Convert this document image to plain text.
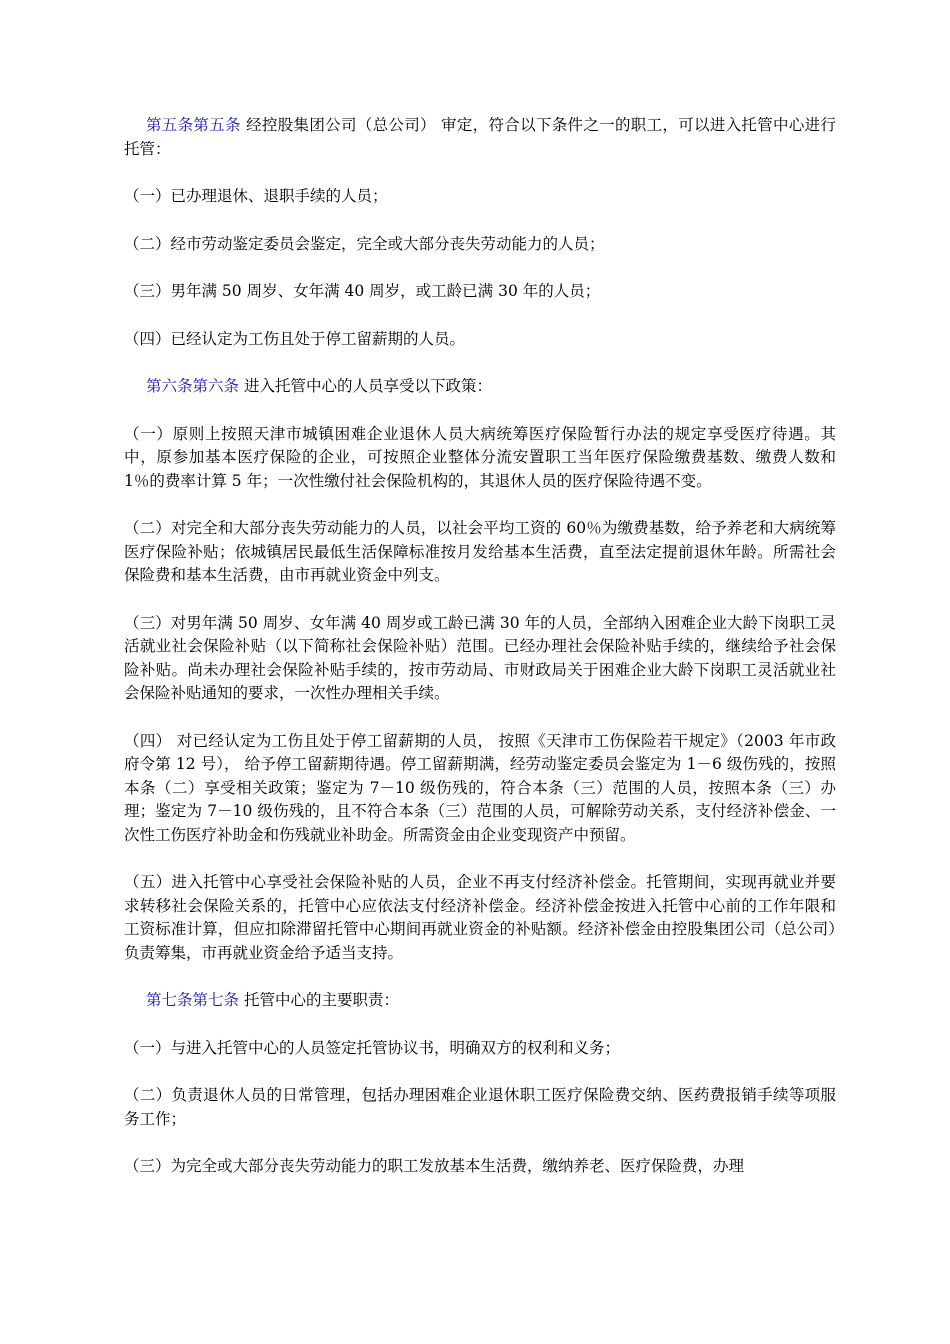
第五条第五条 经控股集团公司（总公司） 审定，符合以下条件之一的职工，可以进入托管中心进行托管：

（一）已办理退休、退职手续的人员；

（二）经市劳动鉴定委员会鉴定，完全或大部分丧失劳动能力的人员；

（三）男年满 50 周岁、女年满 40 周岁，或工龄已满 30 年的人员；

（四）已经认定为工伤且处于停工留薪期的人员。

第六条第六条 进入托管中心的人员享受以下政策：

（一）原则上按照天津市城镇困难企业退休人员大病统筹医疗保险暂行办法的规定享受医疗待遇。其中，原参加基本医疗保险的企业，可按照企业整体分流安置职工当年医疗保险缴费基数、缴费人数和 1％的费率计算 5 年；一次性缴付社会保险机构的，其退休人员的医疗保险待遇不变。

（二）对完全和大部分丧失劳动能力的人员，以社会平均工资的 60％为缴费基数，给予养老和大病统筹医疗保险补贴；依城镇居民最低生活保障标准按月发给基本生活费，直至法定提前退休年龄。所需社会保险费和基本生活费，由市再就业资金中列支。

（三）对男年满 50 周岁、女年满 40 周岁或工龄已满 30 年的人员，全部纳入困难企业大龄下岗职工灵活就业社会保险补贴（以下简称社会保险补贴）范围。已经办理社会保险补贴手续的，继续给予社会保险补贴。尚未办理社会保险补贴手续的，按市劳动局、市财政局关于困难企业大龄下岗职工灵活就业社会保险补贴通知的要求，一次性办理相关手续。

（四） 对已经认定为工伤且处于停工留薪期的人员， 按照《天津市工伤保险若干规定》（2003 年市政府令第 12 号）， 给予停工留薪期待遇。停工留薪期满，经劳动鉴定委员会鉴定为 1－6 级伤残的，按照本条（二）享受相关政策；鉴定为 7－10 级伤残的，符合本条（三）范围的人员，按照本条（三）办理；鉴定为 7－10 级伤残的，且不符合本条（三）范围的人员，可解除劳动关系，支付经济补偿金、一次性工伤医疗补助金和伤残就业补助金。所需资金由企业变现资产中预留。

（五）进入托管中心享受社会保险补贴的人员，企业不再支付经济补偿金。托管期间，实现再就业并要求转移社会保险关系的，托管中心应依法支付经济补偿金。经济补偿金按进入托管中心前的工作年限和工资标准计算，但应扣除滞留托管中心期间再就业资金的补贴额。经济补偿金由控股集团公司（总公司）负责筹集，市再就业资金给予适当支持。

第七条第七条 托管中心的主要职责：

（一）与进入托管中心的人员签定托管协议书，明确双方的权利和义务；

（二）负责退休人员的日常管理，包括办理困难企业退休职工医疗保险费交纳、医药费报销手续等项服务工作；

（三）为完全或大部分丧失劳动能力的职工发放基本生活费，缴纳养老、医疗保险费，办理
